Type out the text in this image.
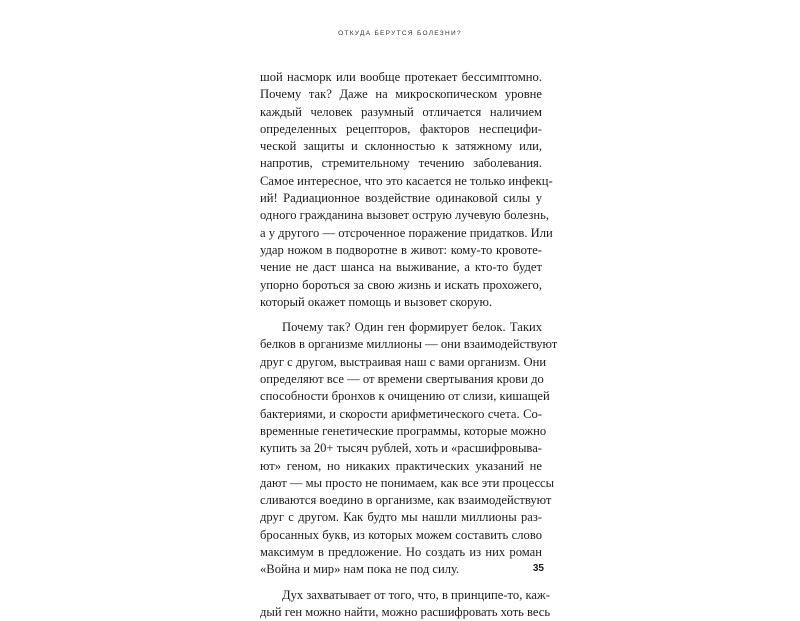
ОТКУДА БЕРУТСЯ БОЛЕЗНИ?
шой насморк или вообще протекает бессимптомно.
Почему так? Даже на микроскопическом уровне
каждый человек разумный отличается наличием
определенных рецепторов, факторов неспецифи-
ческой защиты и склонностью к затяжному или,
напротив, стремительному течению заболевания.
Самое интересное, что это касается не только инфекц-
ий! Радиационное воздействие одинаковой силы у
одного гражданина вызовет острую лучевую болезнь,
а у другого — отсроченное поражение придатков. Или
удар ножом в подворотне в живот: кому-то кровоте-
чение не даст шанса на выживание, а кто-то будет
упорно бороться за свою жизнь и искать прохожего,
который окажет помощь и вызовет скорую.
Почему так? Один ген формирует белок. Таких
белков в организме миллионы — они взаимодействуют
друг с другом, выстраивая наш с вами организм. Они
определяют все — от времени свертывания крови до
способности бронхов к очищению от слизи, кишащей
бактериями, и скорости арифметического счета. Со-
временные генетические программы, которые можно
купить за 20+ тысяч рублей, хоть и «расшифровыва-
ют» геном, но никаких практических указаний не
дают — мы просто не понимаем, как все эти процессы
сливаются воедино в организме, как взаимодействуют
друг с другом. Как будто мы нашли миллионы раз-
бросанных букв, из которых можем составить слово
максимум в предложение. Но создать из них роман
«Война и мир» нам пока не под силу.
Дух захватывает от того, что, в принципе-то, каж-
дый ген можно найти, можно расшифровать хоть весь
35
